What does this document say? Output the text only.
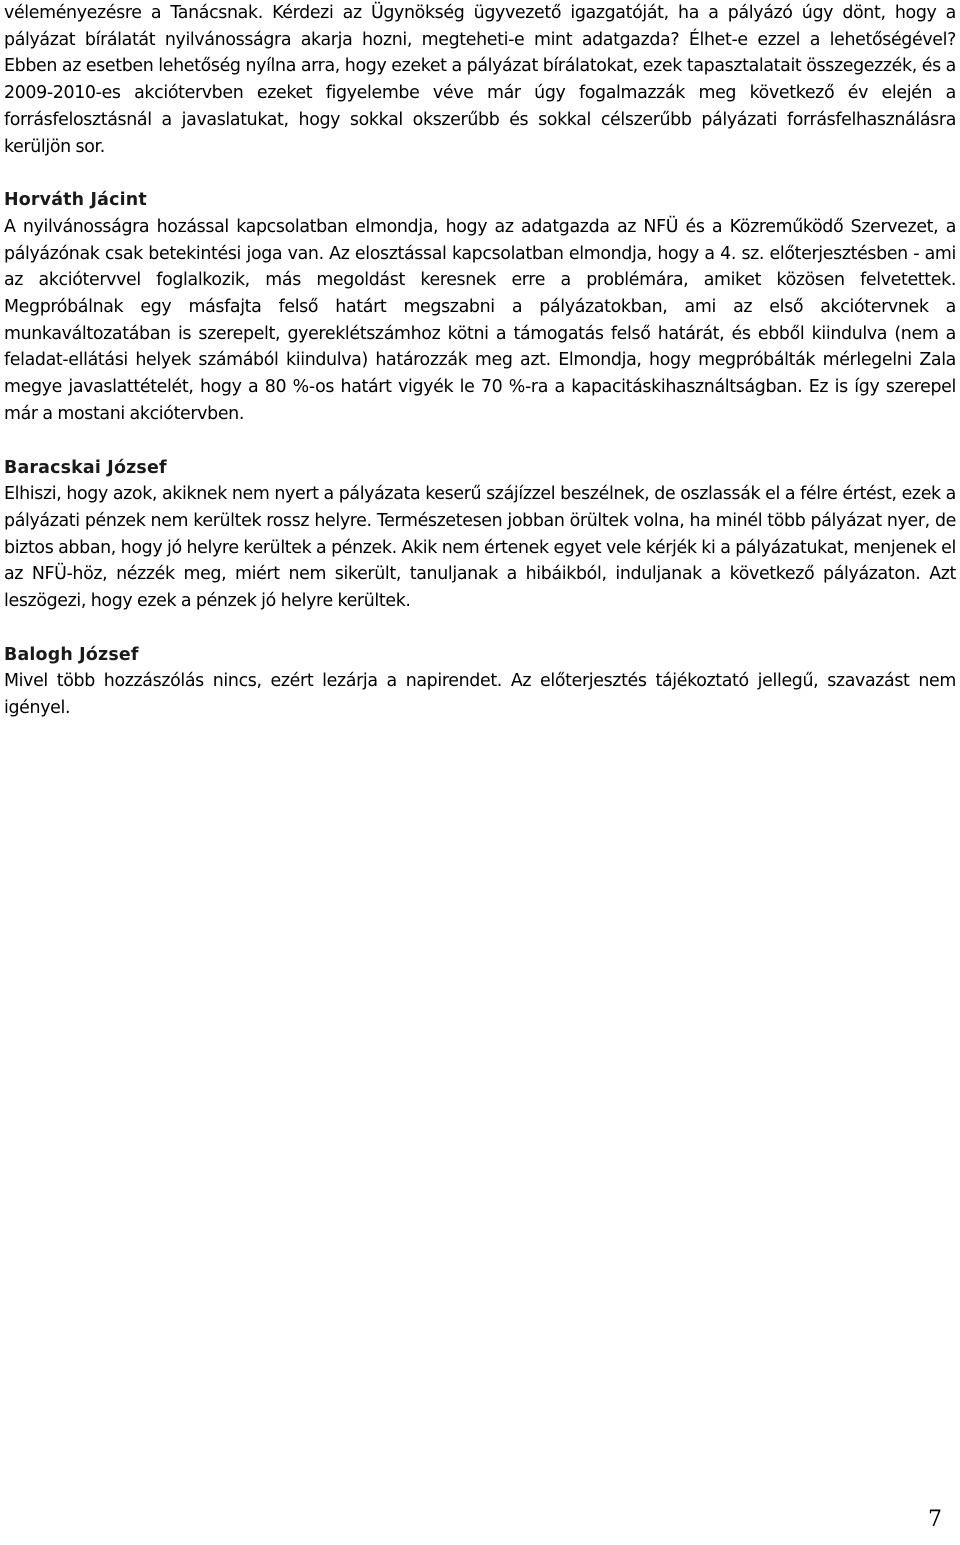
véleményezésre a Tanácsnak. Kérdezi az Ügynökség ügyvezető igazgatóját, ha a pályázó úgy dönt, hogy a pályázat bírálatát nyilvánosságra akarja hozni, megteheti-e mint adatgazda? Élhet-e ezzel a lehetőségével? Ebben az esetben lehetőség nyílna arra, hogy ezeket a pályázat bírálatokat, ezek tapasztalatait összegezzék, és a 2009-2010-es akciótervben ezeket figyelembe véve már úgy fogalmazzák meg következő év elején a forrásfelosztásnál a javaslatukat, hogy sokkal okszerűbb és sokkal célszerűbb pályázati forrásfelhasználásra kerüljön sor.

Horváth Jácint

A nyilvánosságra hozással kapcsolatban elmondja, hogy az adatgazda az NFÜ és a Közreműködő Szervezet, a pályázónak csak betekintési joga van. Az elosztással kapcsolatban elmondja, hogy a 4. sz. előterjesztésben - ami az akciótervvel foglalkozik, más megoldást keresnek erre a problémára, amiket közösen felvetettek. Megpróbálnak egy másfajta felső határt megszabni a pályázatokban, ami az első akciótervnek a munkaváltozatában is szerepelt, gyereklétszámhoz kötni a támogatás felső határát, és ebből kiindulva (nem a feladat-ellátási helyek számából kiindulva) határozzák meg azt. Elmondja, hogy megpróbálták mérlegelni Zala megye javaslattételét, hogy a 80 %-os határt vigyék le 70 %-ra a kapacitáskihasználtságban. Ez is így szerepel már a mostani akciótervben.

Baracskai József

Elhiszi, hogy azok, akiknek nem nyert a pályázata keserű szájízzel beszélnek, de oszlassák el a félre értést, ezek a pályázati pénzek nem kerültek rossz helyre. Természetesen jobban örültek volna, ha minél több pályázat nyer, de biztos abban, hogy jó helyre kerültek a pénzek. Akik nem értenek egyet vele kérjék ki a pályázatukat, menjenek el az NFÜ-höz, nézzék meg, miért nem sikerült, tanuljanak a hibáikból, induljanak a következő pályázaton. Azt leszögezi, hogy ezek a pénzek jó helyre kerültek.

Balogh József

Mivel több hozzászólás nincs, ezért lezárja a napirendet. Az előterjesztés tájékoztató jellegű, szavazást nem igényel.

7
